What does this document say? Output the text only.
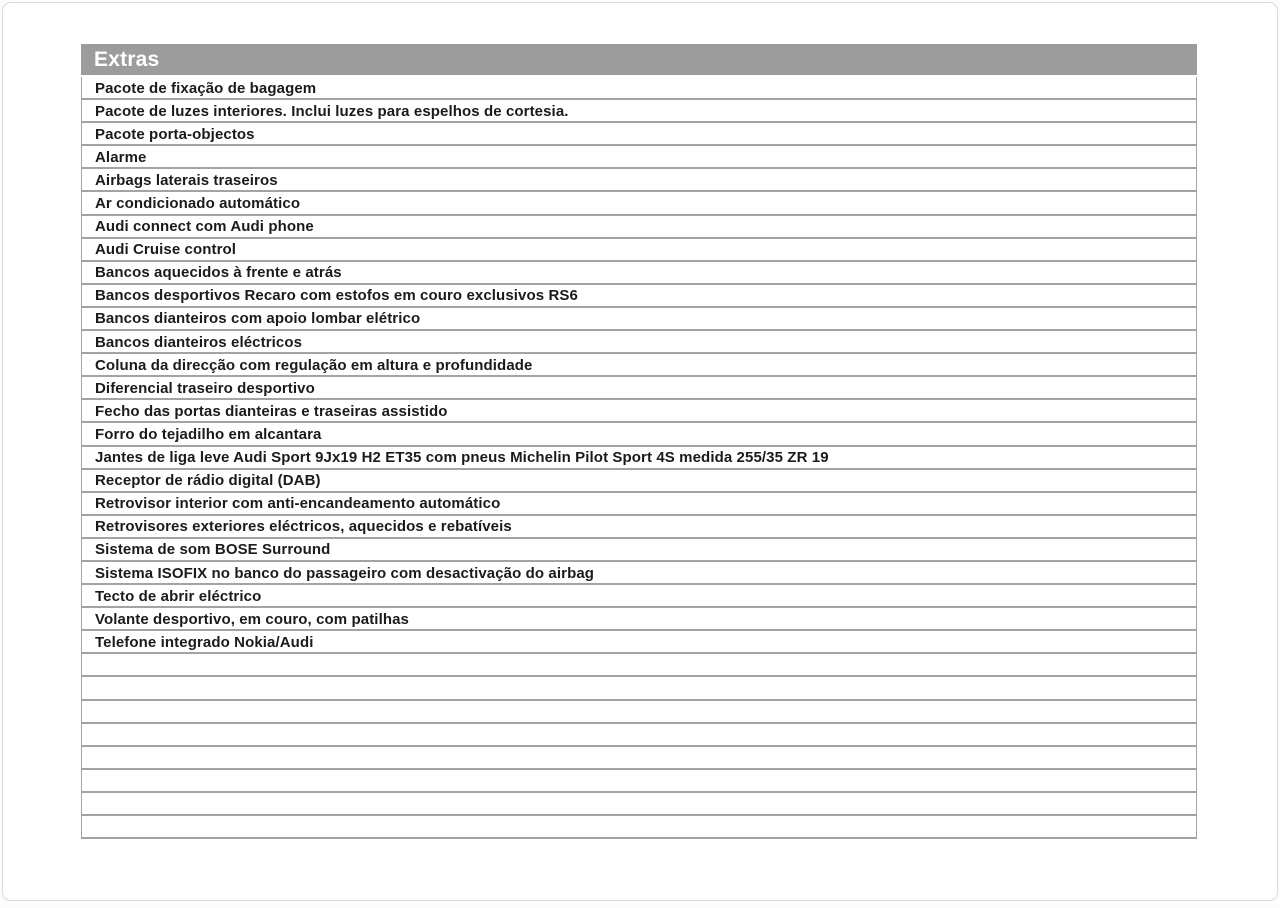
Extras
Pacote de fixação de bagagem
Pacote de luzes interiores. Inclui luzes para espelhos de cortesia.
Pacote porta-objectos
Alarme
Airbags laterais traseiros
Ar condicionado automático
Audi connect com Audi phone
Audi Cruise control
Bancos aquecidos à frente e atrás
Bancos desportivos Recaro com estofos em couro exclusivos RS6
Bancos dianteiros com apoio lombar elétrico
Bancos dianteiros eléctricos
Coluna da direcção com regulação em altura e profundidade
Diferencial traseiro desportivo
Fecho das portas dianteiras e traseiras assistido
Forro do tejadilho em alcantara
Jantes de liga leve Audi Sport 9Jx19 H2 ET35 com pneus Michelin Pilot Sport 4S medida 255/35 ZR 19
Receptor de rádio digital (DAB)
Retrovisor interior com anti-encandeamento automático
Retrovisores exteriores eléctricos, aquecidos e rebatíveis
Sistema de som BOSE Surround
Sistema ISOFIX no banco do passageiro com desactivação do airbag
Tecto de abrir eléctrico
Volante desportivo, em couro, com patilhas
Telefone integrado Nokia/Audi
